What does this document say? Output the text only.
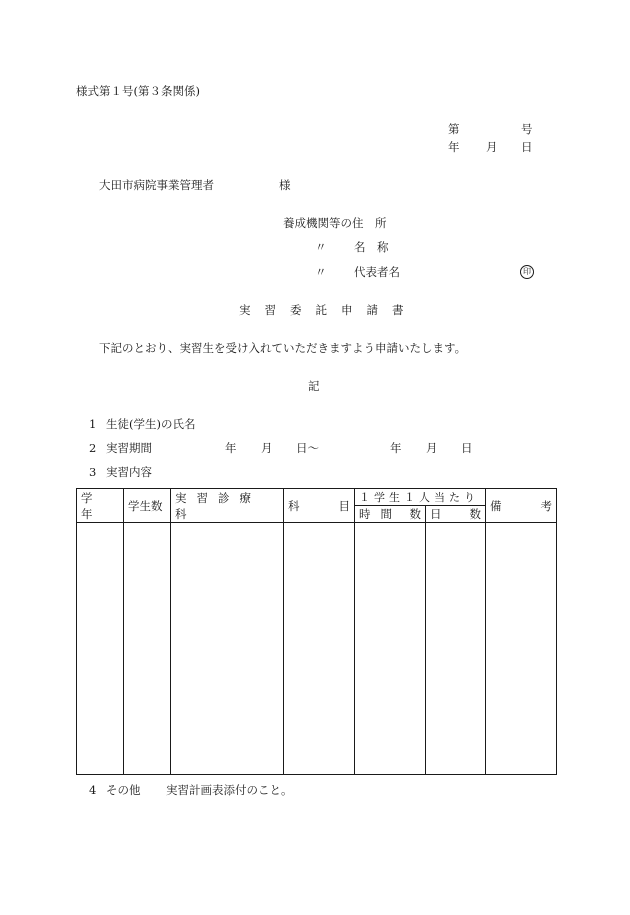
様式第１号(第３条関係)
第	号
年 月 日
大田市病院事業管理者	様
養成機関等の住　所
〃 名　称
〃 代表者名	印
実習委託申請書
下記のとおり、実習生を受け入れていただきますよう申請いたします。
記
1 生徒(学生)の氏名
2 実習期間	年 月 日〜	年 月 日
3 実習内容
学　年	学生数	実習診療科	科 目	１学生１人当たり		備 考

				時間 数	日 数	

4 その他 実習計画表添付のこと。
